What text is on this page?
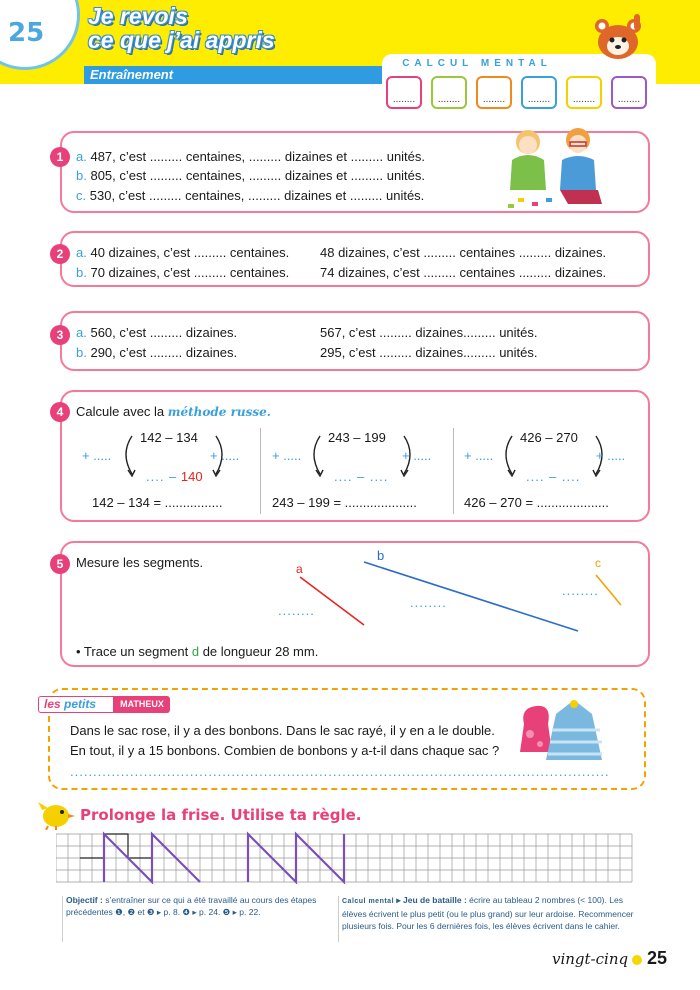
25
Je revois
ce que j’ai appris
Entraînement
CALCUL MENTAL
........	........	........	........	........	........
1 a. 487, c’est ......... centaines, ......... dizaines et ......... unités.
b. 805, c’est ......... centaines, ......... dizaines et ......... unités.
c. 530, c’est ......... centaines, ......... dizaines et ......... unités.
2 a. 40 dizaines, c’est ......... centaines. 48 dizaines, c’est ......... centaines ......... dizaines.
b. 70 dizaines, c’est ......... centaines. 74 dizaines, c’est ......... centaines ......... dizaines.
3 a. 560, c’est ......... dizaines.	567, c’est ......... dizaines......... unités.
b. 290, c’est ......... dizaines.	295, c’est ......... dizaines......... unités.
4 Calcule avec la méthode russe.
142 – 134
+ .....	+ .....
.... – 140
142 – 134 = ................
243 – 199
+ .....	+ .....
.... – ....
243 – 199 = ....................
426 – 270
+ .....	+ .....
.... – ....
426 – 270 = ....................
5 Mesure les segments.	a
b	c
........
........
........
• Trace un segment d de longueur 28 mm.
les petits	MATHEUX
Dans le sac rose, il y a des bonbons. Dans le sac rayé, il y en a le double.
En tout, il y a 15 bonbons. Combien de bonbons y a-t-il dans chaque sac ?
.....................................................................................................................
Prolonge la frise. Utilise ta règle.
Objectif : s’entraîner sur ce qui a été travaillé au cours des étapes précédentes ❶, ❷ et ❸ ▸ p. 8. ❹ ▸ p. 24. ❺ ▸ p. 22.
Calcul mental ▸ Jeu de bataille : écrire au tableau 2 nombres (< 100). Les élèves écrivent le plus petit (ou le plus grand) sur leur ardoise. Recommencer plusieurs fois. Pour les 6 dernières fois, les élèves écrivent dans le cahier.
vingt-cinq 25
